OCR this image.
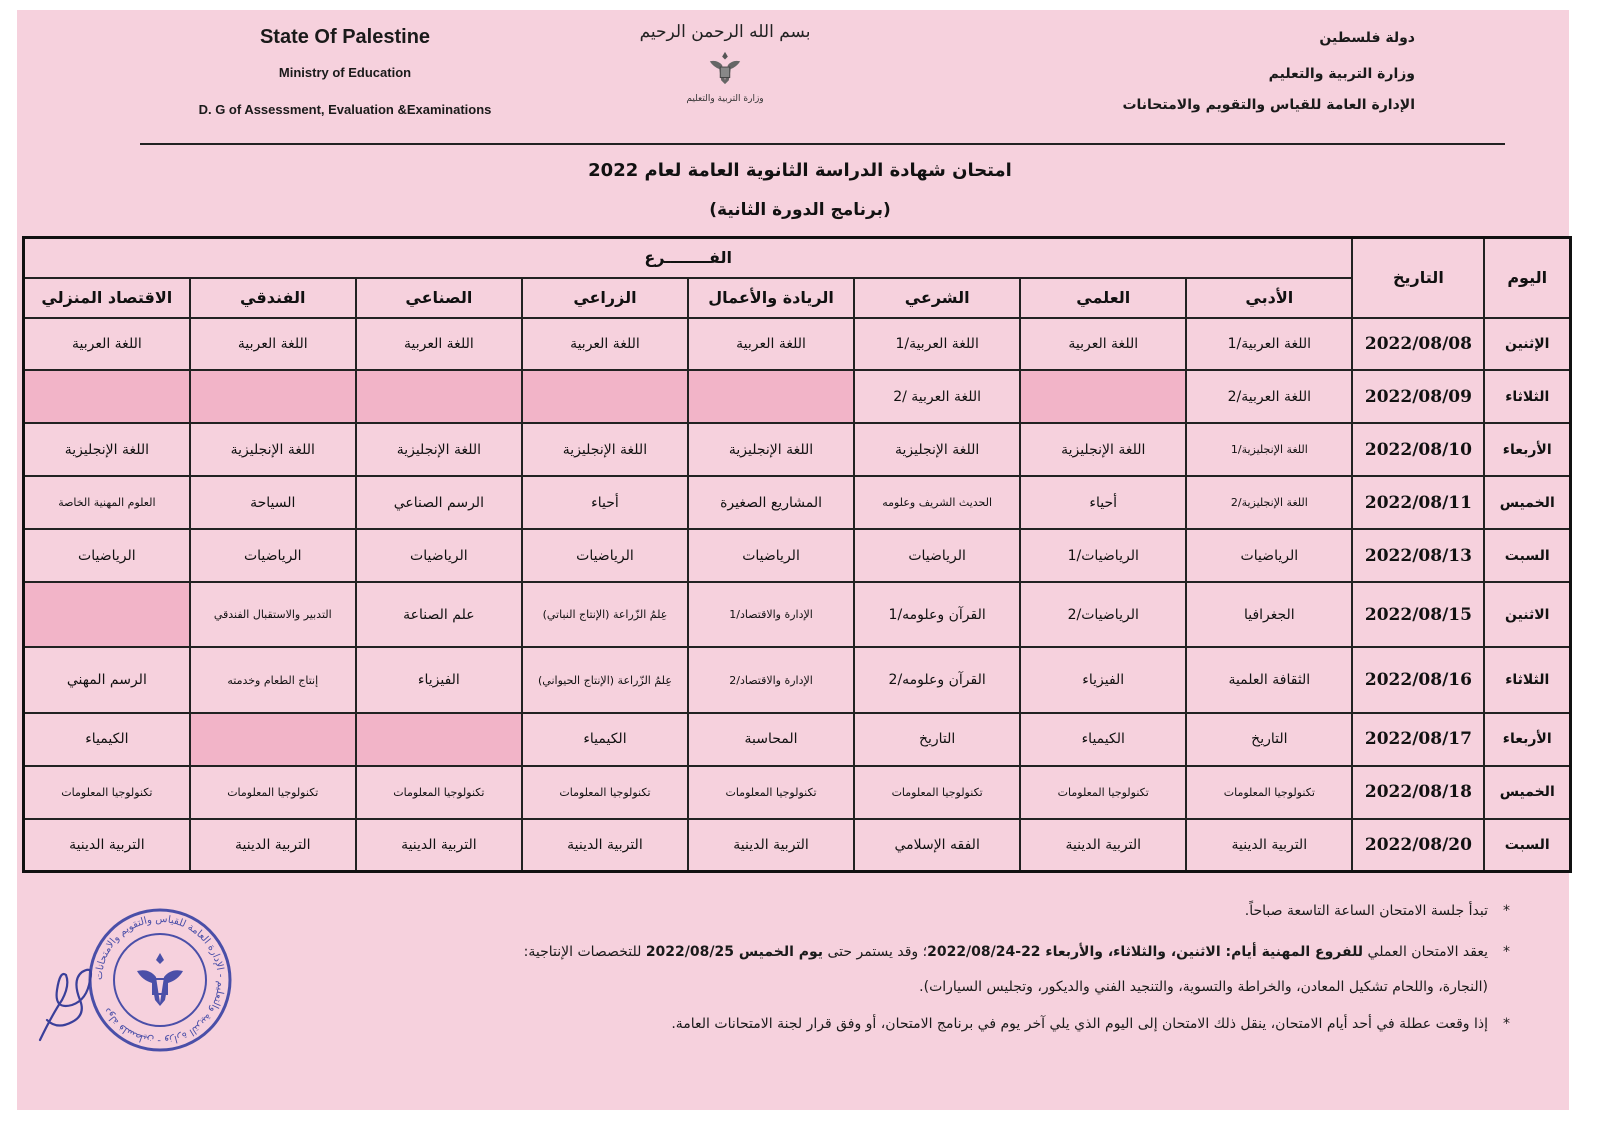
State Of Palestine
Ministry of Education
D. G of Assessment, Evaluation &Examinations
بسم الله الرحمن الرحيم
وزارة التربية والتعليم
دولة فلسطين
وزارة التربية والتعليم
الإدارة العامة للقياس والتقويم والامتحانات
امتحان شهادة الدراسة الثانوية العامة لعام 2022
(برنامج الدورة الثانية)
اليوم	التاريخ	الفــــــــرع							
		الأدبي	العلمي	الشرعي	الريادة والأعمال	الزراعي	الصناعي	الفندقي	الاقتصاد المنزلي
الإثنين	2022/08/08	اللغة العربية/1	اللغة العربية	اللغة العربية/1	اللغة العربية	اللغة العربية	اللغة العربية	اللغة العربية	اللغة العربية
الثلاثاء	2022/08/09	اللغة العربية/2		اللغة العربية /2					
الأربعاء	2022/08/10	اللغة الإنجليزية/1	اللغة الإنجليزية	اللغة الإنجليزية	اللغة الإنجليزية	اللغة الإنجليزية	اللغة الإنجليزية	اللغة الإنجليزية	اللغة الإنجليزية
الخميس	2022/08/11	اللغة الإنجليزية/2	أحياء	الحديث الشريف وعلومه	المشاريع الصغيرة	أحياء	الرسم الصناعي	السياحة	العلوم المهنية الخاصة
السبت	2022/08/13	الرياضيات	الرياضيات/1	الرياضيات	الرياضيات	الرياضيات	الرياضيات	الرياضيات	الرياضيات
الاثنين	2022/08/15	الجغرافيا	الرياضيات/2	القرآن وعلومه/1	الإدارة والاقتصاد/1	عِلمُ الزّراعة (الإنتاج النباتي)	علم الصناعة	التدبير والاستقبال الفندقي	
الثلاثاء	2022/08/16	الثقافة العلمية	الفيزياء	القرآن وعلومه/2	الإدارة والاقتصاد/2	عِلمُ الزّراعة (الإنتاج الحيواني)	الفيزياء	إنتاج الطعام وخدمته	الرسم المهني
الأربعاء	2022/08/17	التاريخ	الكيمياء	التاريخ	المحاسبة	الكيمياء			الكيمياء
الخميس	2022/08/18	تكنولوجيا المعلومات	تكنولوجيا المعلومات	تكنولوجيا المعلومات	تكنولوجيا المعلومات	تكنولوجيا المعلومات	تكنولوجيا المعلومات	تكنولوجيا المعلومات	تكنولوجيا المعلومات
السبت	2022/08/20	التربية الدينية	التربية الدينية	الفقه الإسلامي	التربية الدينية	التربية الدينية	التربية الدينية	التربية الدينية	التربية الدينية
دولة فلسطين - وزارة التربية والتعليم - الإدارة العامة للقياس والتقويم والامتحانات
*
تبدأ جلسة الامتحان الساعة التاسعة صباحاً.
*
يعقد الامتحان العملي للفروع المهنية أيام: الاثنين، والثلاثاء، والأربعاء 22-2022/08/24؛ وقد يستمر حتى يوم الخميس 2022/08/25 للتخصصات الإنتاجية:
(النجارة، واللحام تشكيل المعادن، والخراطة والتسوية، والتنجيد الفني والديكور، وتجليس السيارات).
*
إذا وقعت عطلة في أحد أيام الامتحان، ينقل ذلك الامتحان إلى اليوم الذي يلي آخر يوم في برنامج الامتحان، أو وفق قرار لجنة الامتحانات العامة.
